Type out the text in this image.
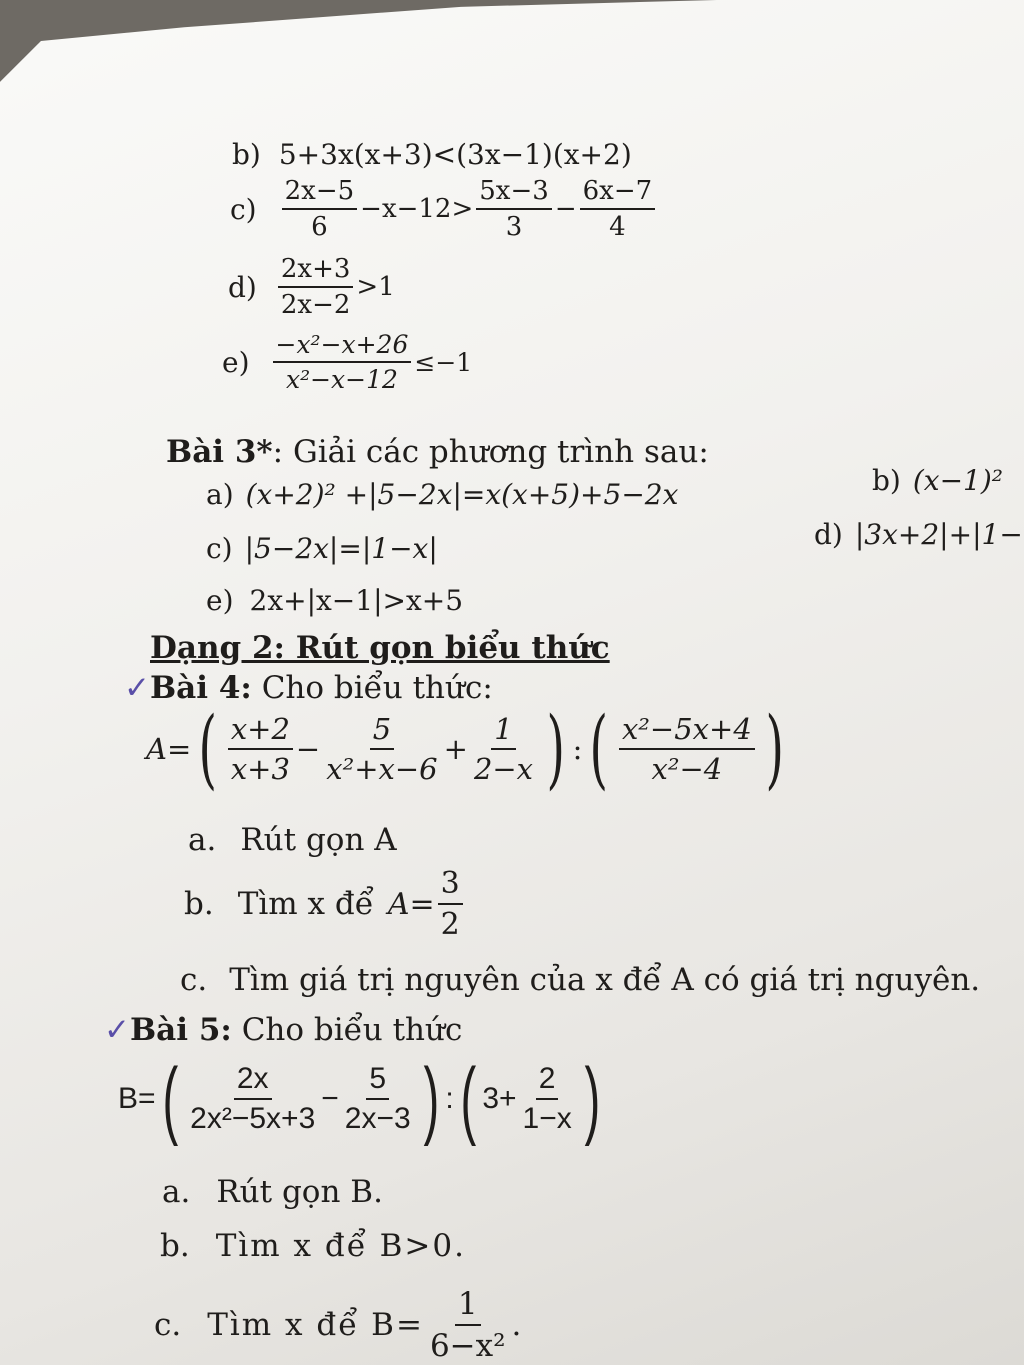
b) 5+3x(x+3)<(3x−1)(x+2)
$c) \frac{2x-5}{6} -x-12> \frac{5x-3}{3} - \frac{6x-7}{4}$
$d) \frac{2x+3}{2x-2} >1$
$e) \frac{\text{−x²−x+26}}{\text{x²−x−12}} \le-1$
Bài 3*: Giải các phương trình sau:
a) (x+2)² +|5−2x|=x(x+5)+5−2x	b) (x−1)²
c) |5−2x|=|1−x|	d) |3x+2|+|1−
e) 2x+|x−1|>x+5
Dạng 2: Rút gọn biểu thức
✓Bài 4: Cho biểu thức:
A= ( $\frac{x+2}{x+3} - \frac{5}{\text{x²+x−6}} + \frac{1}{2-x}$ ) : ( $\frac{\text{x²−5x+4}}{\text{x²−4}}$ )
a. Rút gọn A
b. Tìm x để $A= \frac{3}{2}$
c. Tìm giá trị nguyên của x để A có giá trị nguyên.
✓Bài 5: Cho biểu thức
B= ( $\frac{2x}{\text{2x²−5x+3}} - \frac{5}{2x-3}$ ) : ( $3+ \frac{2}{1-x}$ )
a. Rút gọn B.
b. Tìm x để B>0.
c. Tìm x để $B= \frac{1}{\text{6−x²}}$ .
